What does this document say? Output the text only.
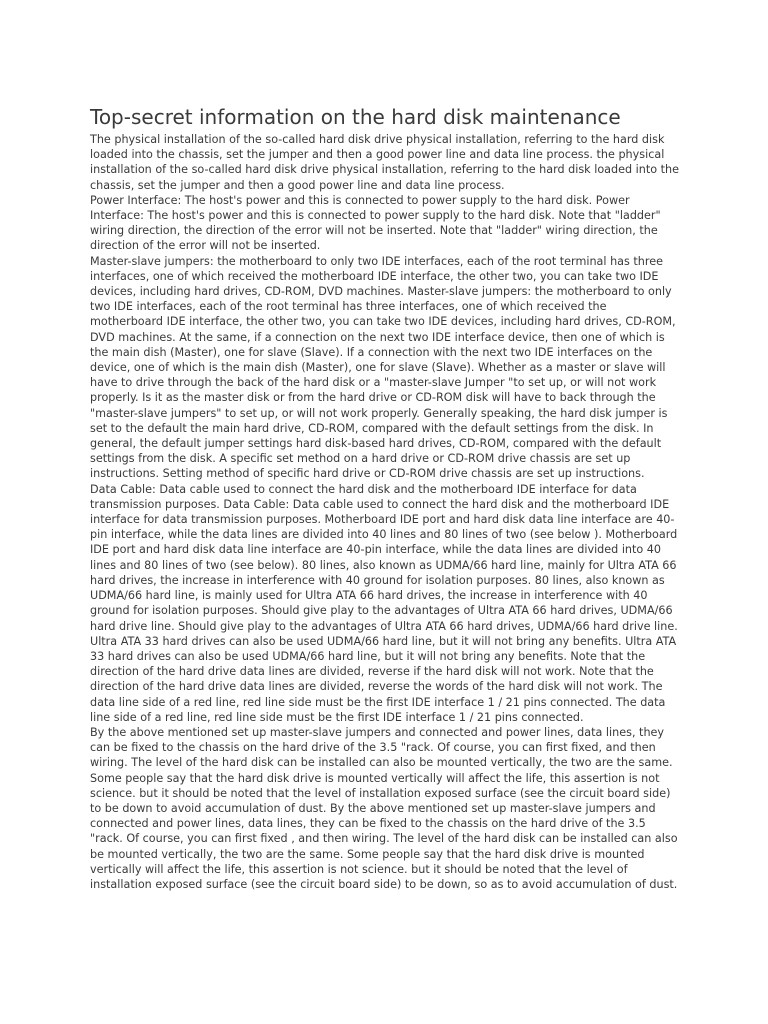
Top-secret information on the hard disk maintenance

The physical installation of the so-called hard disk drive physical installation, referring to the hard disk loaded into the chassis, set the jumper and then a good power line and data line process. the physical installation of the so-called hard disk drive physical installation, referring to the hard disk loaded into the chassis, set the jumper and then a good power line and data line process.

Power Interface: The host's power and this is connected to power supply to the hard disk. Power Interface: The host's power and this is connected to power supply to the hard disk. Note that "ladder" wiring direction, the direction of the error will not be inserted. Note that "ladder" wiring direction, the direction of the error will not be inserted.

Master-slave jumpers: the motherboard to only two IDE interfaces, each of the root terminal has three interfaces, one of which received the motherboard IDE interface, the other two, you can take two IDE devices, including hard drives, CD-ROM, DVD machines. Master-slave jumpers: the motherboard to only two IDE interfaces, each of the root terminal has three interfaces, one of which received the motherboard IDE interface, the other two, you can take two IDE devices, including hard drives, CD-ROM, DVD machines. At the same, if a connection on the next two IDE interface device, then one of which is the main dish (Master), one for slave (Slave). If a connection with the next two IDE interfaces on the device, one of which is the main dish (Master), one for slave (Slave). Whether as a master or slave will have to drive through the back of the hard disk or a "master-slave Jumper "to set up, or will not work properly. Is it as the master disk or from the hard drive or CD-ROM disk will have to back through the "master-slave jumpers" to set up, or will not work properly. Generally speaking, the hard disk jumper is set to the default the main hard drive, CD-ROM, compared with the default settings from the disk. In general, the default jumper settings hard disk-based hard drives, CD-ROM, compared with the default settings from the disk. A specific set method on a hard drive or CD-ROM drive chassis are set up instructions. Setting method of specific hard drive or CD-ROM drive chassis are set up instructions.

Data Cable: Data cable used to connect the hard disk and the motherboard IDE interface for data transmission purposes. Data Cable: Data cable used to connect the hard disk and the motherboard IDE interface for data transmission purposes. Motherboard IDE port and hard disk data line interface are 40-pin interface, while the data lines are divided into 40 lines and 80 lines of two (see below ). Motherboard IDE port and hard disk data line interface are 40-pin interface, while the data lines are divided into 40 lines and 80 lines of two (see below). 80 lines, also known as UDMA/66 hard line, mainly for Ultra ATA 66 hard drives, the increase in interference with 40 ground for isolation purposes. 80 lines, also known as UDMA/66 hard line, is mainly used for Ultra ATA 66 hard drives, the increase in interference with 40 ground for isolation purposes. Should give play to the advantages of Ultra ATA 66 hard drives, UDMA/66 hard drive line. Should give play to the advantages of Ultra ATA 66 hard drives, UDMA/66 hard drive line. Ultra ATA 33 hard drives can also be used UDMA/66 hard line, but it will not bring any benefits. Ultra ATA 33 hard drives can also be used UDMA/66 hard line, but it will not bring any benefits. Note that the direction of the hard drive data lines are divided, reverse if the hard disk will not work. Note that the direction of the hard drive data lines are divided, reverse the words of the hard disk will not work. The data line side of a red line, red line side must be the first IDE interface 1 / 21 pins connected. The data line side of a red line, red line side must be the first IDE interface 1 / 21 pins connected.

By the above mentioned set up master-slave jumpers and connected and power lines, data lines, they can be fixed to the chassis on the hard drive of the 3.5 "rack. Of course, you can first fixed, and then wiring. The level of the hard disk can be installed can also be mounted vertically, the two are the same. Some people say that the hard disk drive is mounted vertically will affect the life, this assertion is not science. but it should be noted that the level of installation exposed surface (see the circuit board side) to be down to avoid accumulation of dust. By the above mentioned set up master-slave jumpers and connected and power lines, data lines, they can be fixed to the chassis on the hard drive of the 3.5 "rack. Of course, you can first fixed , and then wiring. The level of the hard disk can be installed can also be mounted vertically, the two are the same. Some people say that the hard disk drive is mounted vertically will affect the life, this assertion is not science. but it should be noted that the level of installation exposed surface (see the circuit board side) to be down, so as to avoid accumulation of dust.
